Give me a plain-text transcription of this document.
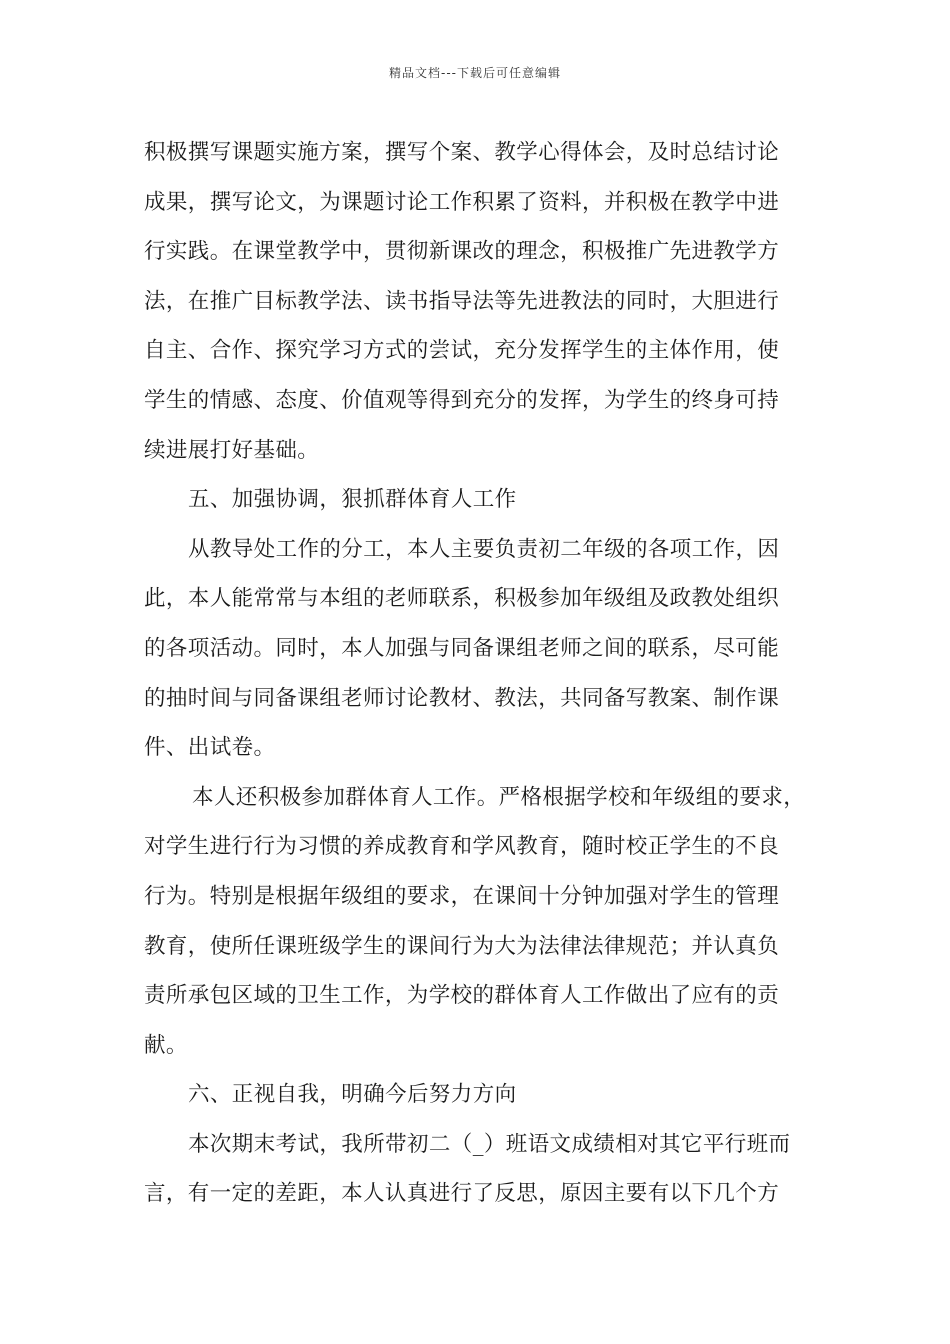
精品文档---下载后可任意编辑
积极撰写课题实施方案，撰写个案、教学心得体会，及时总结讨论
成果，撰写论文，为课题讨论工作积累了资料，并积极在教学中进
行实践。在课堂教学中，贯彻新课改的理念，积极推广先进教学方
法，在推广目标教学法、读书指导法等先进教法的同时，大胆进行
自主、合作、探究学习方式的尝试，充分发挥学生的主体作用，使
学生的情感、态度、价值观等得到充分的发挥，为学生的终身可持
续进展打好基础。
五、加强协调，狠抓群体育人工作
从教导处工作的分工，本人主要负责初二年级的各项工作，因
此，本人能常常与本组的老师联系，积极参加年级组及政教处组织
的各项活动。同时，本人加强与同备课组老师之间的联系，尽可能
的抽时间与同备课组老师讨论教材、教法，共同备写教案、制作课
件、出试卷。
本人还积极参加群体育人工作。严格根据学校和年级组的要求，
对学生进行行为习惯的养成教育和学风教育，随时校正学生的不良
行为。特别是根据年级组的要求，在课间十分钟加强对学生的管理
教育，使所任课班级学生的课间行为大为法律法律规范；并认真负
责所承包区域的卫生工作，为学校的群体育人工作做出了应有的贡
献。
六、正视自我，明确今后努力方向
本次期末考试，我所带初二（_）班语文成绩相对其它平行班而
言，有一定的差距，本人认真进行了反思，原因主要有以下几个方
